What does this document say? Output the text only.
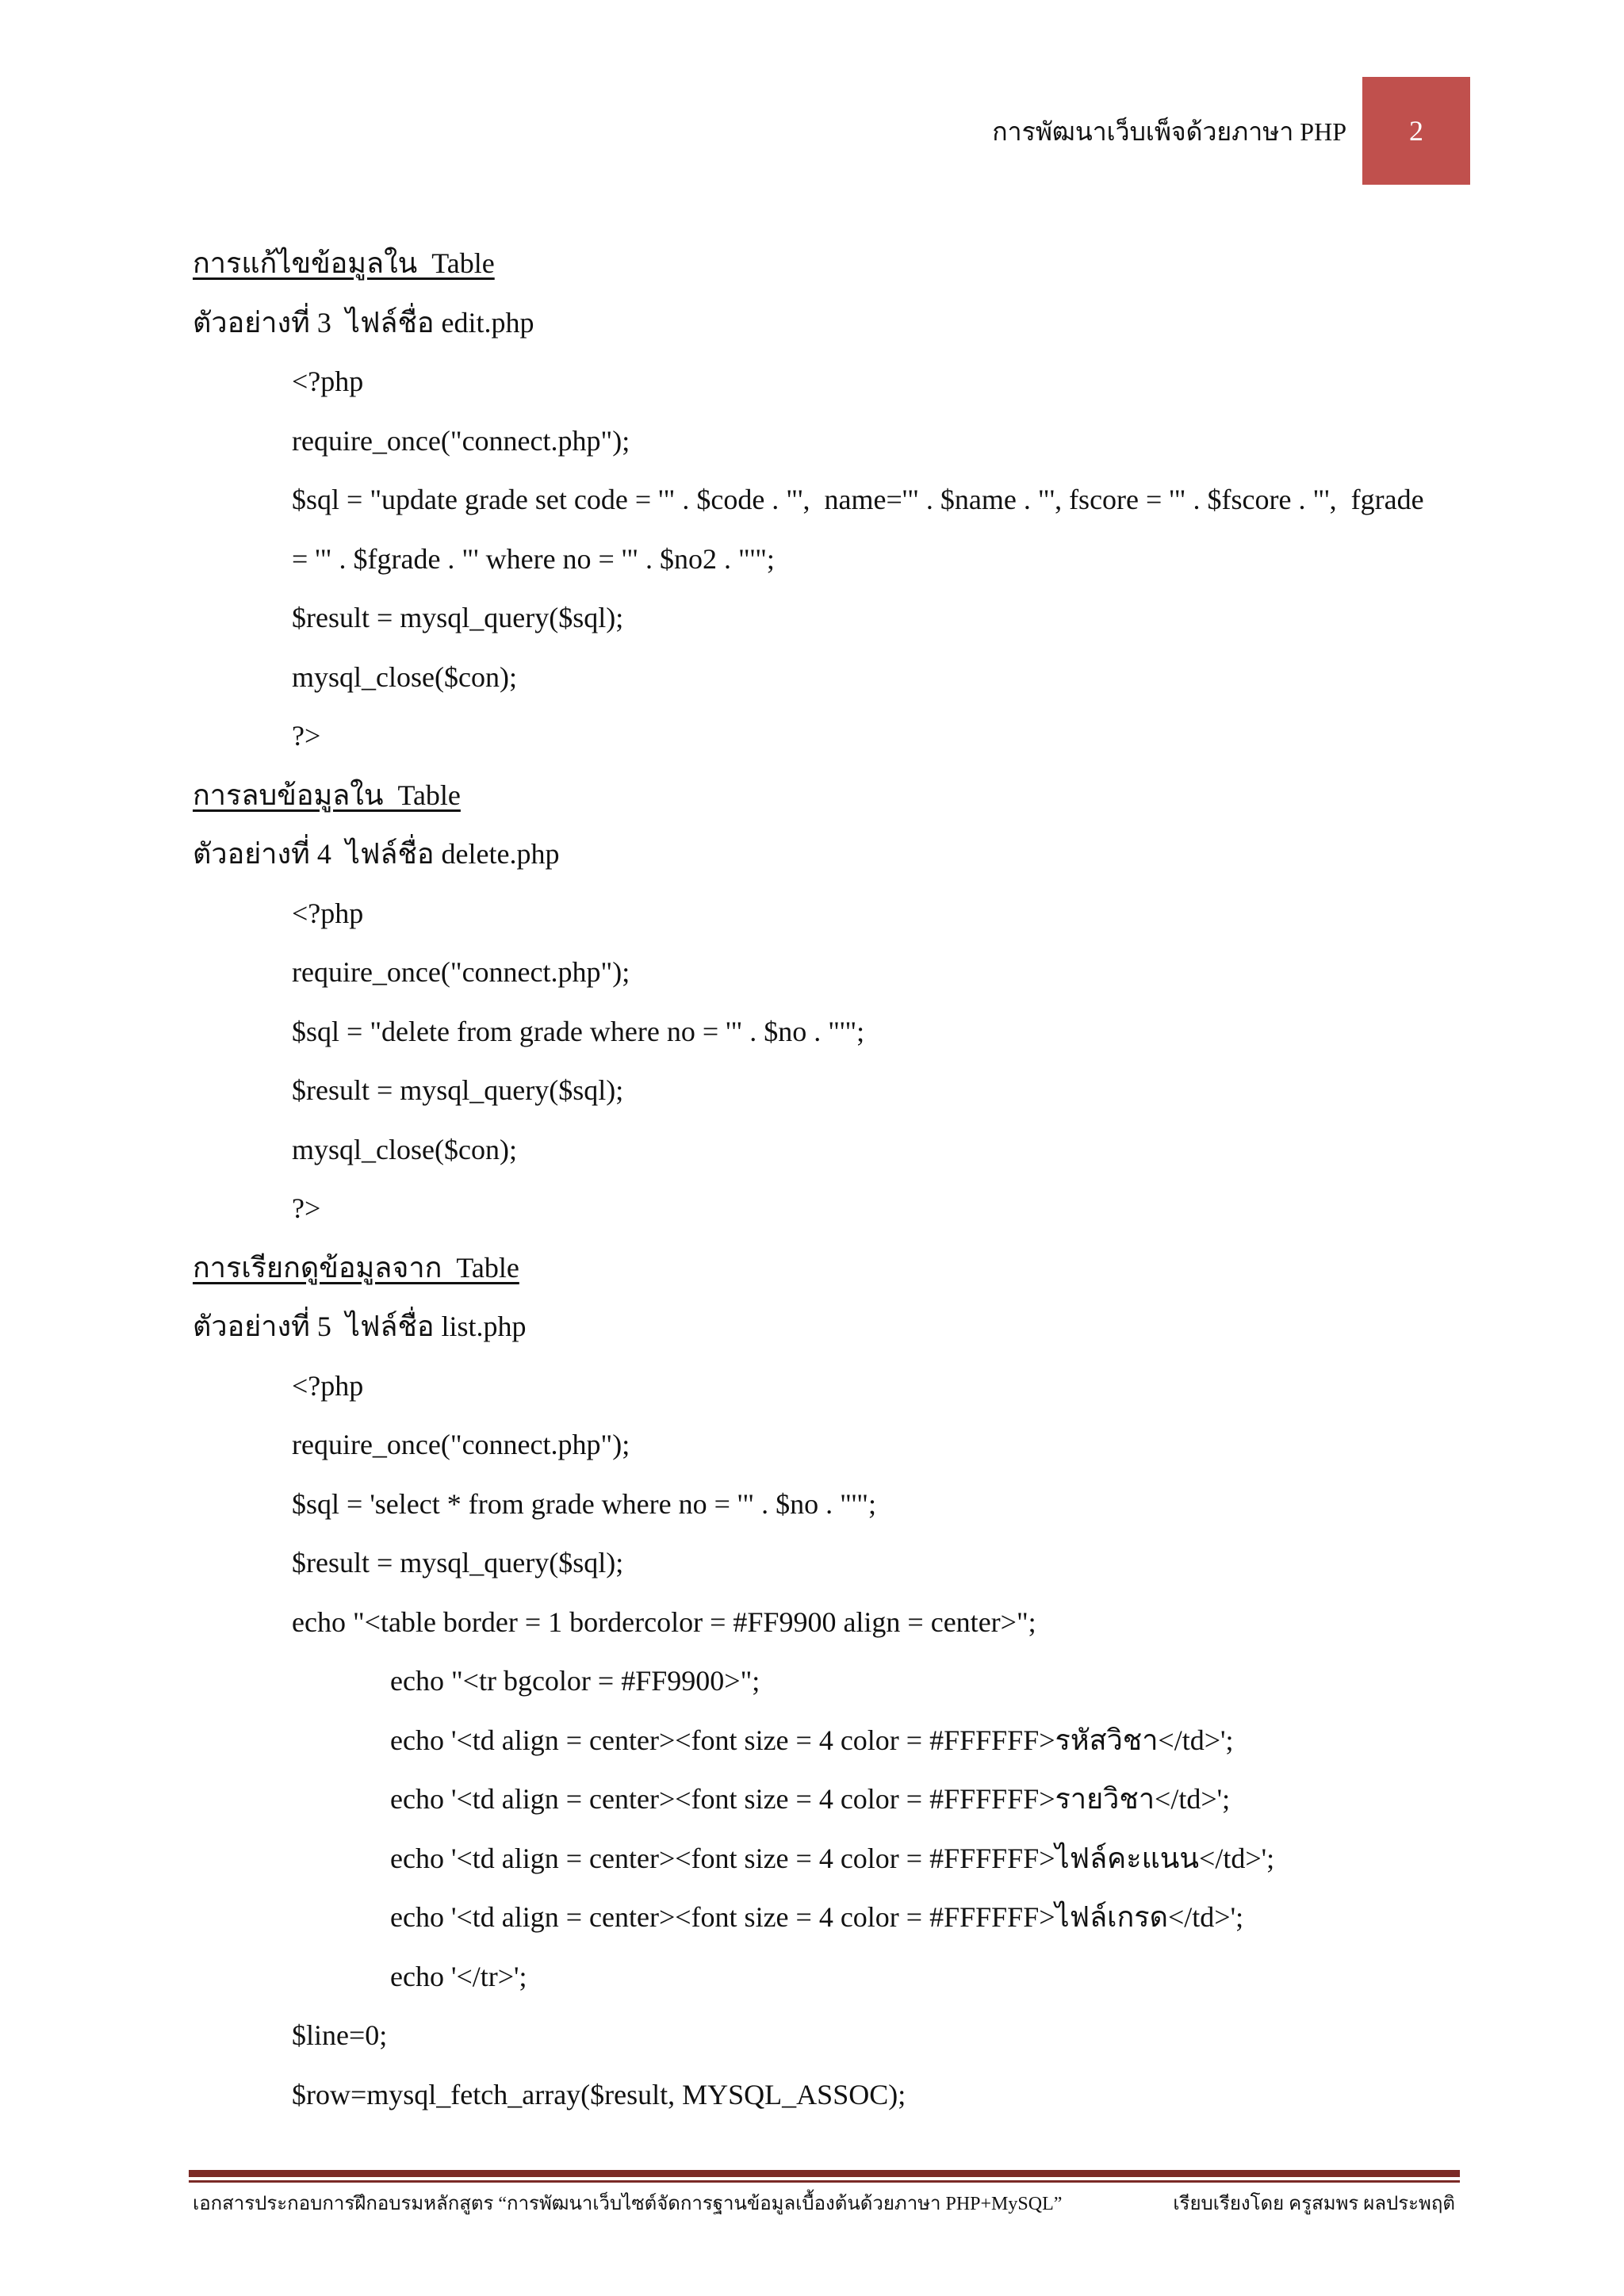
การพัฒนาเว็บเพ็จด้วยภาษา PHP	2
การแก้ไขข้อมูลใน  Table
ตัวอย่างที่ 3  ไฟล์ชื่อ edit.php
<?php
require_once("connect.php");
$sql = "update grade set code = '" . $code . "',  name='" . $name . "', fscore = '" . $fscore . "',  fgrade
= '" . $fgrade . "' where no = '" . $no2 . "'";
$result = mysql_query($sql);
mysql_close($con);
?>
การลบข้อมูลใน  Table
ตัวอย่างที่ 4  ไฟล์ชื่อ delete.php
<?php
require_once("connect.php");
$sql = "delete from grade where no = '" . $no . "'";
$result = mysql_query($sql);
mysql_close($con);
?>
การเรียกดูข้อมูลจาก  Table
ตัวอย่างที่ 5  ไฟล์ชื่อ list.php
<?php
require_once("connect.php");
$sql = 'select * from grade where no = '" . $no . "'";
$result = mysql_query($sql);
echo "<table border = 1 bordercolor = #FF9900 align = center>";
echo "<tr bgcolor = #FF9900>";
echo '<td align = center><font size = 4 color = #FFFFFF>รหัสวิชา</td>';
echo '<td align = center><font size = 4 color = #FFFFFF>รายวิชา</td>';
echo '<td align = center><font size = 4 color = #FFFFFF>ไฟล์คะแนน</td>';
echo '<td align = center><font size = 4 color = #FFFFFF>ไฟล์เกรด</td>';
echo '</tr>';
$line=0;
$row=mysql_fetch_array($result, MYSQL_ASSOC);
เอกสารประกอบการฝึกอบรมหลักสูตร “การพัฒนาเว็บไซต์จัดการฐานข้อมูลเบื้องต้นด้วยภาษา PHP+MySQL”	เรียบเรียงโดย ครูสมพร ผลประพฤติ
